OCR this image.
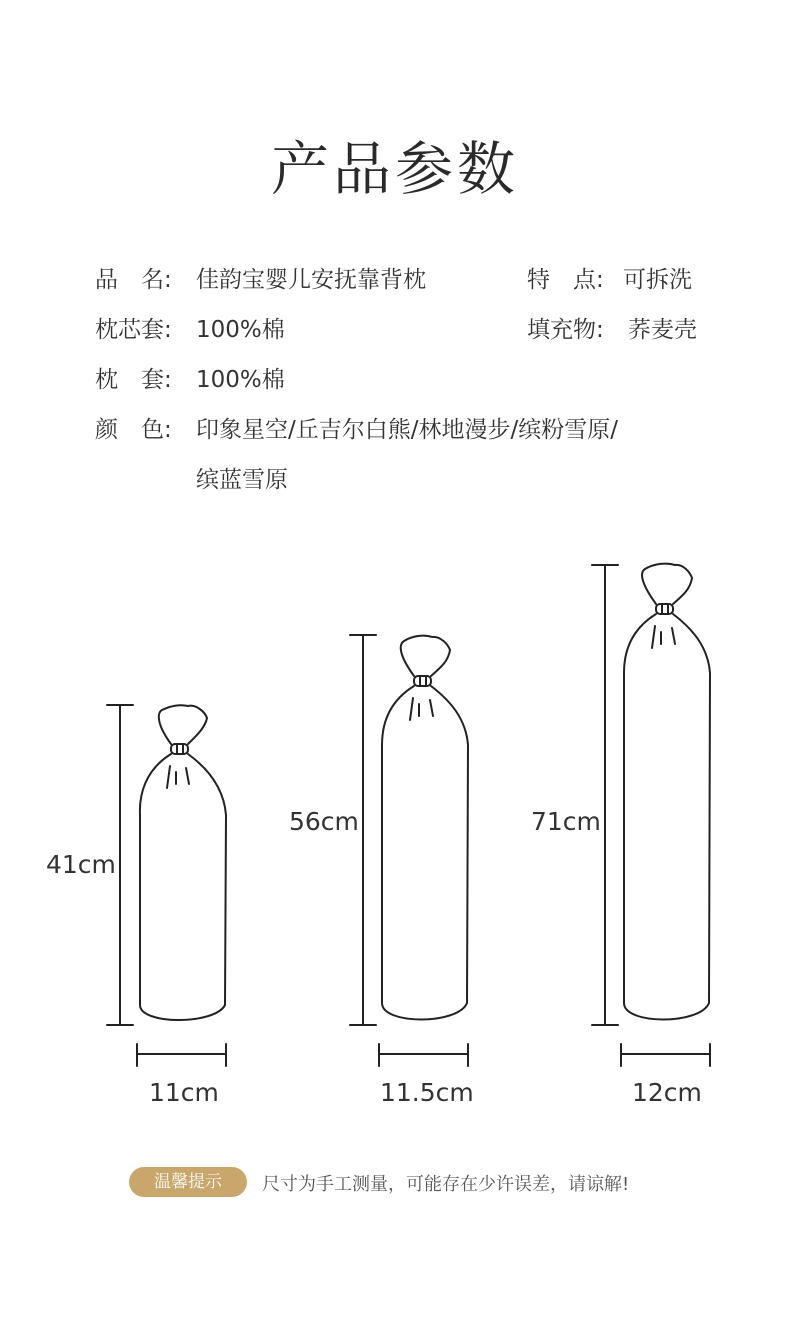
产品参数
品　名: 佳韵宝婴儿安抚靠背枕	特　点: 可拆洗
枕芯套: 100%棉	填充物: 荞麦壳
枕　套: 100%棉
颜　色: 印象星空/丘吉尔白熊/林地漫步/缤粉雪原/
缤蓝雪原
41cm
11cm
56cm
11.5cm
71cm
12cm
温馨提示	尺寸为手工测量，可能存在少许误差，请谅解!
